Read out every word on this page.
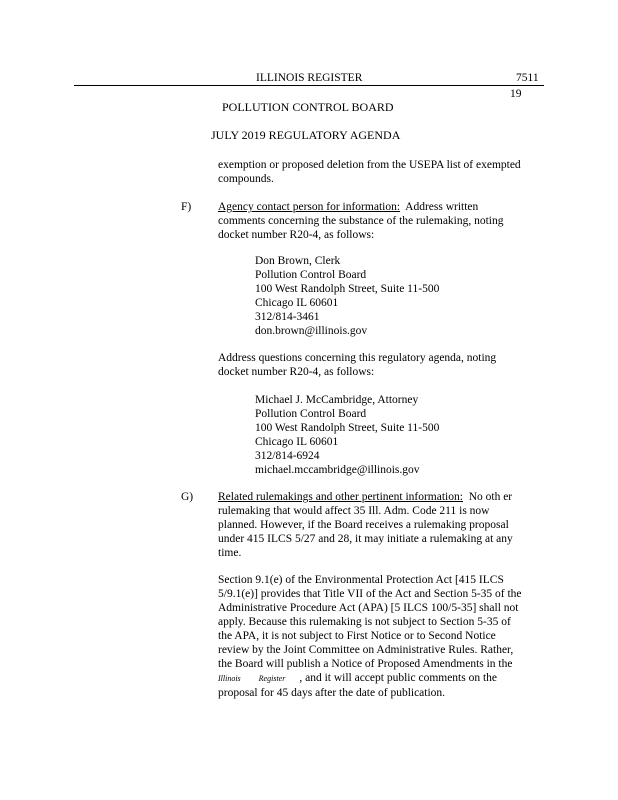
ILLINOIS REGISTER	7511
19
POLLUTION CONTROL BOARD
JULY 2019 REGULATORY AGENDA
exemption or proposed deletion from the USEPA list of exempted
compounds.
F) Agency contact person for information:  Address written
comments concerning the substance of the rulemaking, noting
docket number R20-4, as follows:
Don Brown, Clerk
Pollution Control Board
100 West Randolph Street, Suite 11-500
Chicago IL 60601
312/814-3461
don.brown@illinois.gov
Address questions concerning this regulatory agenda, noting
docket number R20-4, as follows:
Michael J. McCambridge, Attorney
Pollution Control Board
100 West Randolph Street, Suite 11-500
Chicago IL 60601
312/814-6924
michael.mccambridge@illinois.gov
G) Related rulemakings and other pertinent information:  No oth er
rulemaking that would affect 35 Ill. Adm. Code 211 is now
planned. However, if the Board receives a rulemaking proposal
under 415 ILCS 5/27 and 28, it may initiate a rulemaking at any
time.
Section 9.1(e) of the Environmental Protection Act [415 ILCS
5/9.1(e)] provides that Title VII of the Act and Section 5-35 of the
Administrative Procedure Act (APA) [5 ILCS 100/5-35] shall not
apply. Because this rulemaking is not subject to Section 5-35 of
the APA, it is not subject to First Notice or to Second Notice
review by the Joint Committee on Administrative Rules. Rather,
the Board will publish a Notice of Proposed Amendments in the
Illinois Register , and it will accept public comments on the
proposal for 45 days after the date of publication.
